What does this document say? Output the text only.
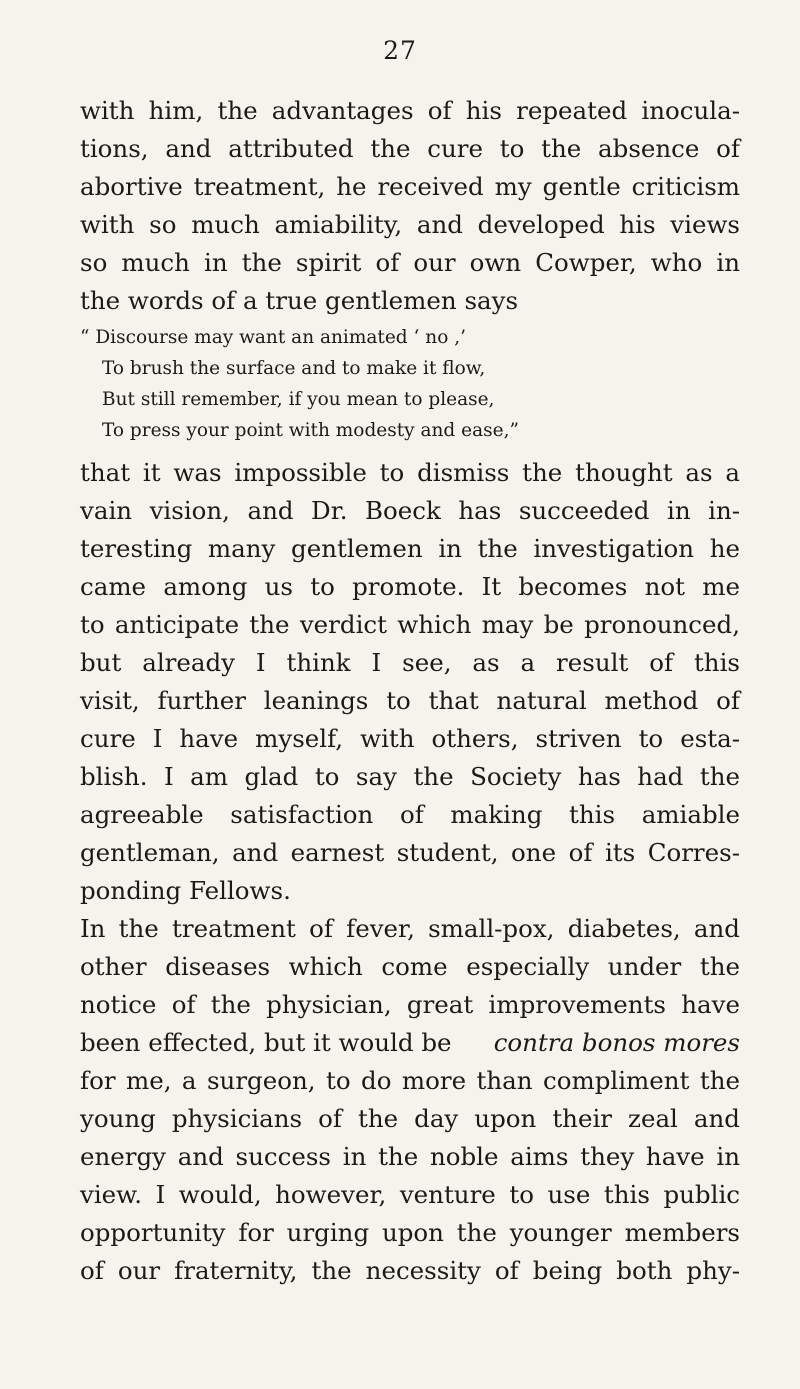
27
with him, the advantages of his repeated inocula-
tions, and attributed the cure to the absence of
abortive treatment, he received my gentle criticism
with so much amiability, and developed his views
so much in the spirit of our own Cowper, who in
the words of a true gentlemen says
“ Discourse may want an animated ‘ no ,’
To brush the surface and to make it flow,
But still remember, if you mean to please,
To press your point with modesty and ease,”
that it was impossible to dismiss the thought as a
vain vision, and Dr. Boeck has succeeded in in-
teresting many gentlemen in the investigation he
came among us to promote. It becomes not me
to anticipate the verdict which may be pronounced,
but already I think I see, as a result of this
visit, further leanings to that natural method of
cure I have myself, with others, striven to esta-
blish. I am glad to say the Society has had the
agreeable satisfaction of making this amiable
gentleman, and earnest student, one of its Corres-
ponding Fellows.
In the treatment of fever, small-pox, diabetes, and
other diseases which come especially under the
notice of the physician, great improvements have
been effected, but it would be contra bonos mores
for me, a surgeon, to do more than compliment the
young physicians of the day upon their zeal and
energy and success in the noble aims they have in
view. I would, however, venture to use this public
opportunity for urging upon the younger members
of our fraternity, the necessity of being both phy-
